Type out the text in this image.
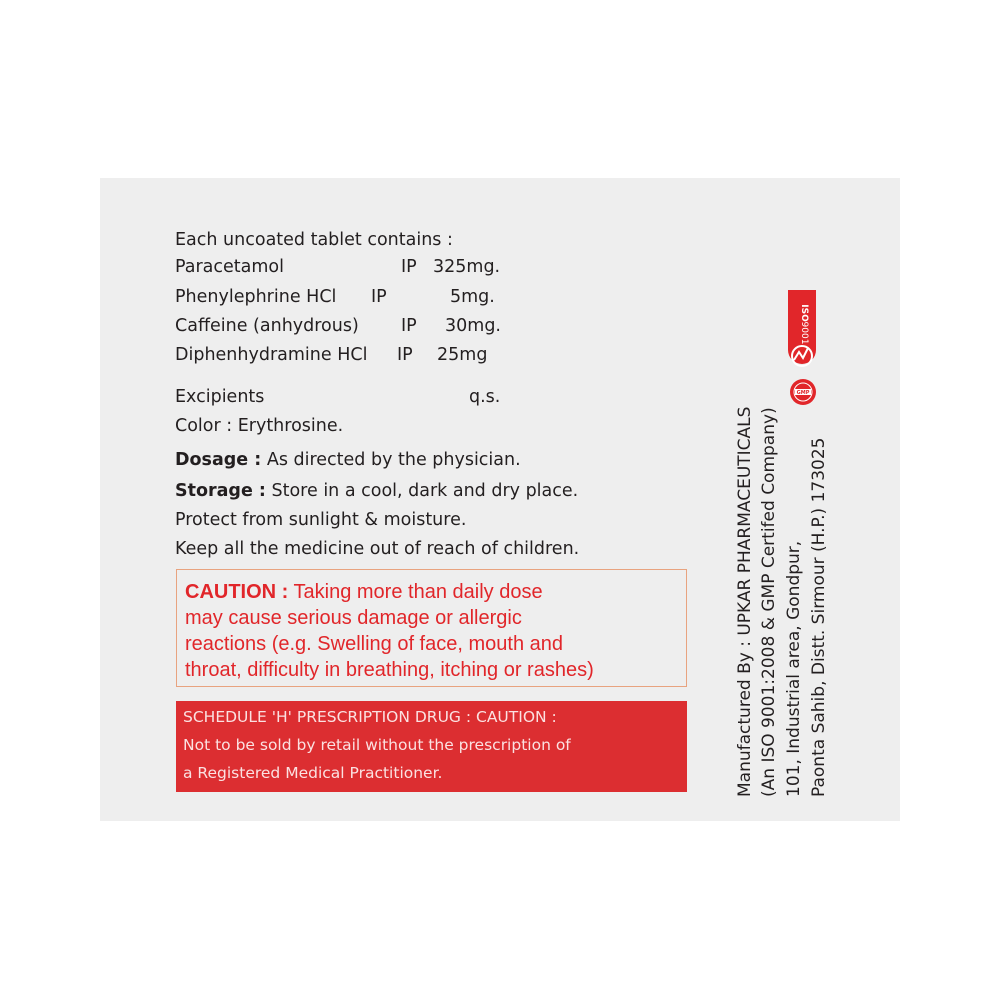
Each uncoated tablet contains :
Paracetamol	IP 325mg.
Phenylephrine HCl IP	5mg.
Caffeine (anhydrous) IP 30mg.
Diphenhydramine HCl IP 25mg
Excipients	q.s.
Color : Erythrosine.
Dosage : As directed by the physician.
Storage : Store in a cool, dark and dry place.
Protect from sunlight & moisture.
Keep all the medicine out of reach of children.
CAUTION : Taking more than daily dose
may cause serious damage or allergic
reactions (e.g. Swelling of face, mouth and
throat, difficulty in breathing, itching or rashes)
SCHEDULE 'H' PRESCRIPTION DRUG : CAUTION :
Not to be sold by retail without the prescription of
a Registered Medical Practitioner.	Manufactured By : UPKAR PHARMACEUTICALS (An ISO 9001:2008 & GMP Certifed Company) 101, Industrial area, Gondpur, Paonta Sahib, Distt. Sirmour (H.P.) 173025
ISO
9001
GMP
